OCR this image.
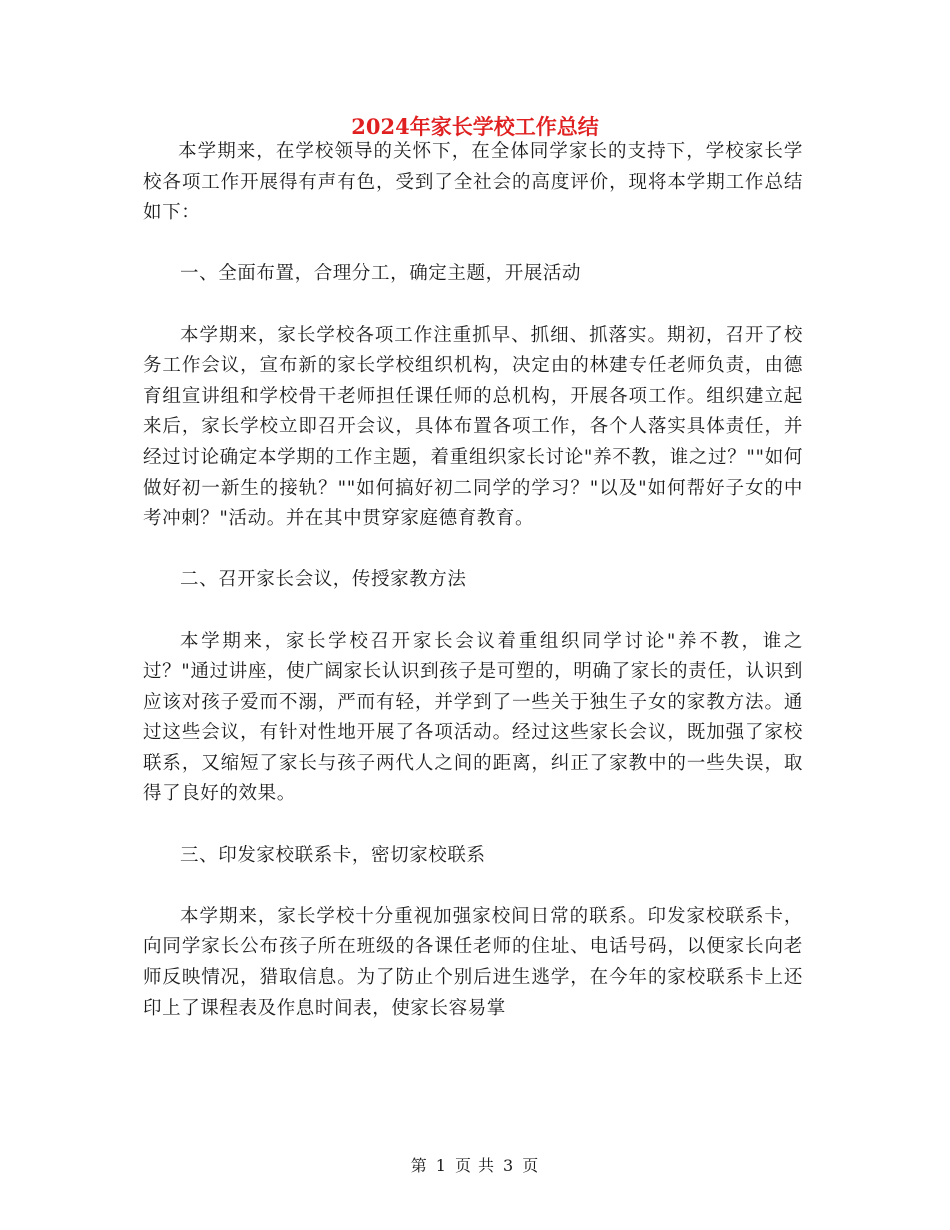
2024年家长学校工作总结

本学期来，在学校领导的关怀下，在全体同学家长的支持下，学校家长学校各项工作开展得有声有色，受到了全社会的高度评价，现将本学期工作总结如下：

一、全面布置，合理分工，确定主题，开展活动

本学期来，家长学校各项工作注重抓早、抓细、抓落实。期初，召开了校务工作会议，宣布新的家长学校组织机构，决定由的林建专任老师负责，由德育组宣讲组和学校骨干老师担任课任师的总机构，开展各项工作。组织建立起来后，家长学校立即召开会议，具体布置各项工作，各个人落实具体责任，并经过讨论确定本学期的工作主题，着重组织家长讨论"养不教，谁之过？""如何做好初一新生的接轨？""如何搞好初二同学的学习？"以及"如何帮好子女的中考冲刺？"活动。并在其中贯穿家庭德育教育。

二、召开家长会议，传授家教方法

本学期来，家长学校召开家长会议着重组织同学讨论"养不教，谁之过？"通过讲座，使广阔家长认识到孩子是可塑的，明确了家长的责任，认识到应该对孩子爱而不溺，严而有轻，并学到了一些关于独生子女的家教方法。通过这些会议，有针对性地开展了各项活动。经过这些家长会议，既加强了家校联系，又缩短了家长与孩子两代人之间的距离，纠正了家教中的一些失误，取得了良好的效果。

三、印发家校联系卡，密切家校联系

本学期来，家长学校十分重视加强家校间日常的联系。印发家校联系卡，向同学家长公布孩子所在班级的各课任老师的住址、电话号码，以便家长向老师反映情况，猎取信息。为了防止个别后进生逃学，在今年的家校联系卡上还印上了课程表及作息时间表，使家长容易掌

第 1 页 共 3 页
